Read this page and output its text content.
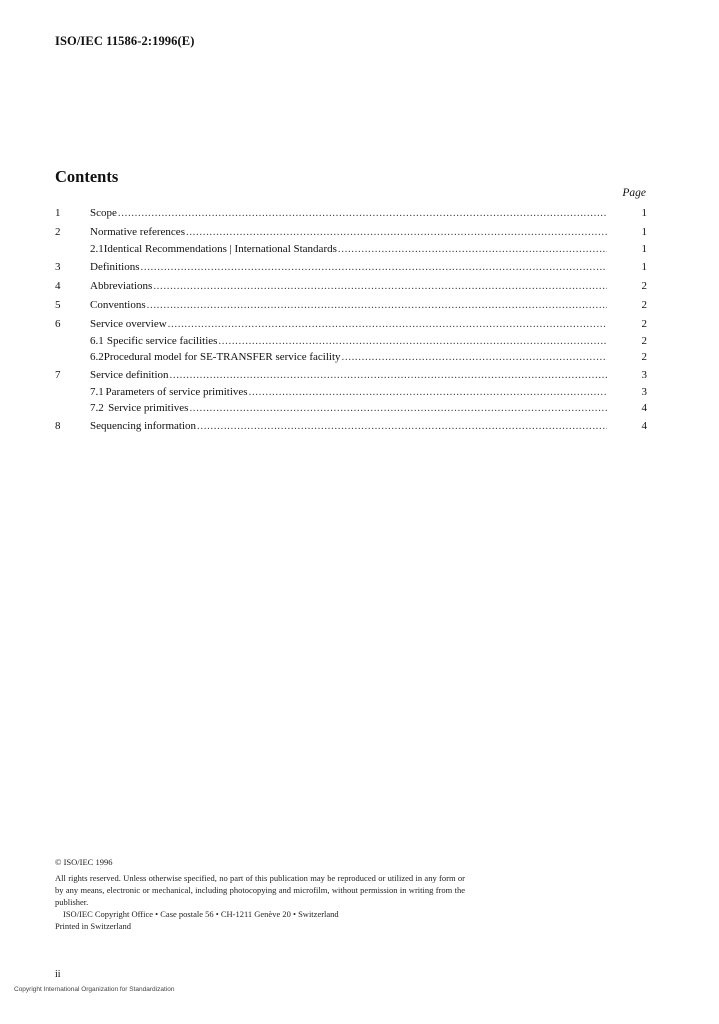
ISO/IEC 11586-2:1996(E)
Contents
Page
1	Scope .....	1
2	Normative references .....	1
2.1 Identical Recommendations | International Standards .....	1
3	Definitions .....	1
4	Abbreviations .....	2
5	Conventions .....	2
6	Service overview .....	2
6.1 Specific service facilities .....	2
6.2 Procedural model for SE-TRANSFER service facility .....	2
7	Service definition .....	3
7.1 Parameters of service primitives .....	3
7.2 Service primitives .....	4
8	Sequencing information .....	4
© ISO/IEC 1996
All rights reserved. Unless otherwise specified, no part of this publication may be reproduced or utilized in any form or by any means, electronic or mechanical, including photocopying and microfilm, without permission in writing from the publisher.
ISO/IEC Copyright Office • Case postale 56 • CH-1211 Genève 20 • Switzerland
Printed in Switzerland
ii
Copyright International Organization for Standardization
